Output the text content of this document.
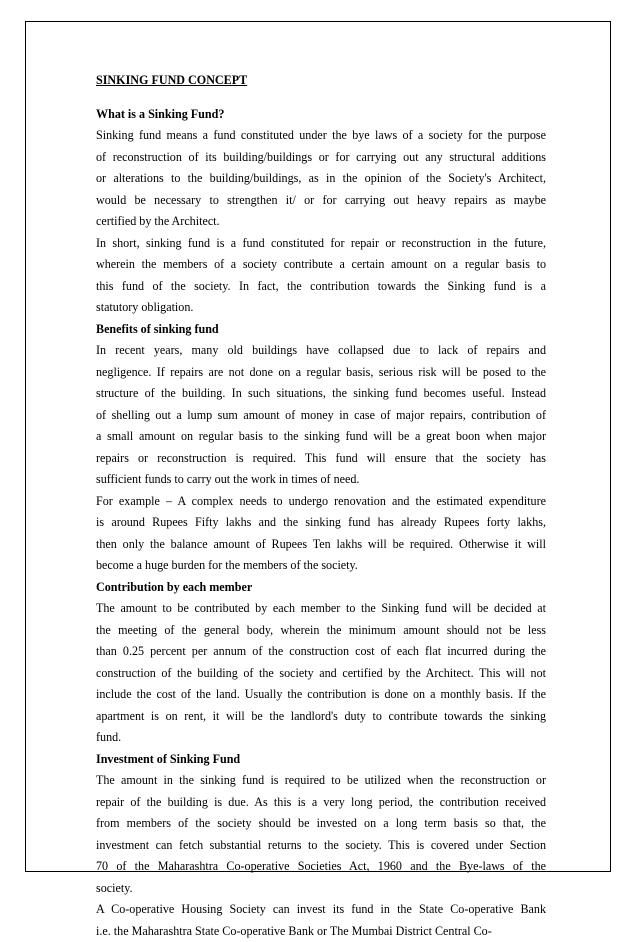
SINKING FUND CONCEPT
What is a Sinking Fund?
Sinking fund means a fund constituted under the bye laws of a society for the purpose
of reconstruction of its building/buildings or for carrying out any structural additions
or alterations to the building/buildings, as in the opinion of the Society's Architect,
would be necessary to strengthen it/ or for carrying out heavy repairs as maybe
certified by the Architect.
In short, sinking fund is a fund constituted for repair or reconstruction in the future,
wherein the members of a society contribute a certain amount on a regular basis to
this fund of the society. In fact, the contribution towards the Sinking fund is a
statutory obligation.
Benefits of sinking fund
In recent years, many old buildings have collapsed due to lack of repairs and
negligence. If repairs are not done on a regular basis, serious risk will be posed to the
structure of the building. In such situations, the sinking fund becomes useful. Instead
of shelling out a lump sum amount of money in case of major repairs, contribution of
a small amount on regular basis to the sinking fund will be a great boon when major
repairs or reconstruction is required. This fund will ensure that the society has
sufficient funds to carry out the work in times of need.
For example – A complex needs to undergo renovation and the estimated expenditure
is around Rupees Fifty lakhs and the sinking fund has already Rupees forty lakhs,
then only the balance amount of Rupees Ten lakhs will be required. Otherwise it will
become a huge burden for the members of the society.
Contribution by each member
The amount to be contributed by each member to the Sinking fund will be decided at
the meeting of the general body, wherein the minimum amount should not be less
than 0.25 percent per annum of the construction cost of each flat incurred during the
construction of the building of the society and certified by the Architect. This will not
include the cost of the land. Usually the contribution is done on a monthly basis. If the
apartment is on rent, it will be the landlord's duty to contribute towards the sinking
fund.
Investment of Sinking Fund
The amount in the sinking fund is required to be utilized when the reconstruction or
repair of the building is due. As this is a very long period, the contribution received
from members of the society should be invested on a long term basis so that, the
investment can fetch substantial returns to the society. This is covered under Section
70 of the Maharashtra Co-operative Societies Act, 1960 and the Bye-laws of the
society.
A Co-operative Housing Society can invest its fund in the State Co-operative Bank
i.e. the Maharashtra State Co-operative Bank or The Mumbai District Central Co-
